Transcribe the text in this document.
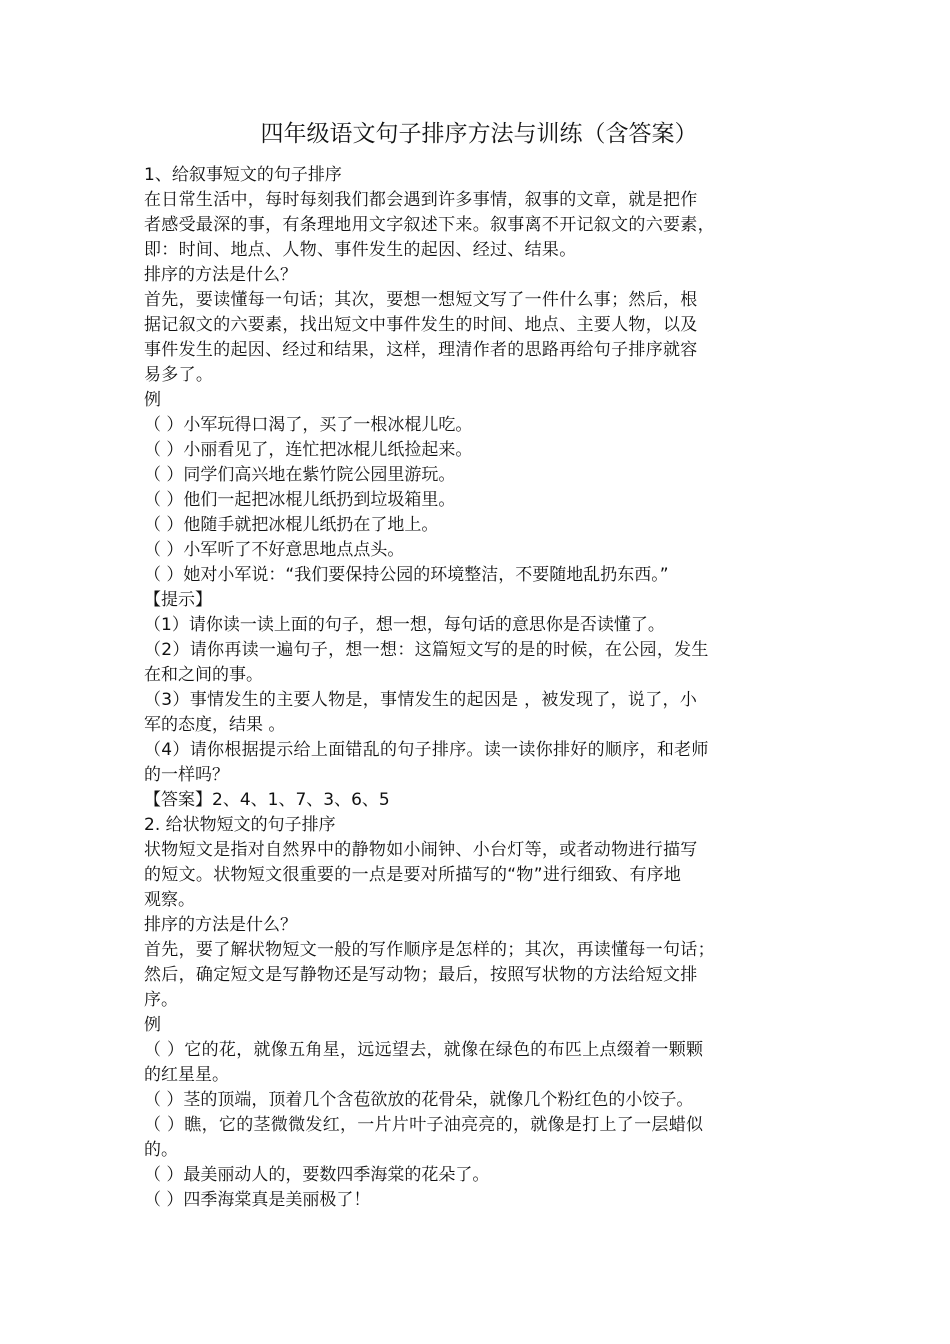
四年级语文句子排序方法与训练（含答案）
1、给叙事短文的句子排序
在日常生活中，每时每刻我们都会遇到许多事情，叙事的文章，就是把作
者感受最深的事，有条理地用文字叙述下来。叙事离不开记叙文的六要素，
即：时间、地点、人物、事件发生的起因、经过、结果。
排序的方法是什么？
首先，要读懂每一句话；其次，要想一想短文写了一件什么事；然后，根
据记叙文的六要素，找出短文中事件发生的时间、地点、主要人物，以及
事件发生的起因、经过和结果，这样，理清作者的思路再给句子排序就容
易多了。
例
（ ）小军玩得口渴了，买了一根冰棍儿吃。
（ ）小丽看见了，连忙把冰棍儿纸捡起来。
（ ）同学们高兴地在紫竹院公园里游玩。
（ ）他们一起把冰棍儿纸扔到垃圾箱里。
（ ）他随手就把冰棍儿纸扔在了地上。
（ ）小军听了不好意思地点点头。
（ ）她对小军说：“我们要保持公园的环境整洁，不要随地乱扔东西。”
【提示】
（1）请你读一读上面的句子，想一想，每句话的意思你是否读懂了。
（2）请你再读一遍句子，想一想：这篇短文写的是的时候，在公园，发生
在和之间的事。
（3）事情发生的主要人物是，事情发生的起因是 ，被发现了，说了，小
军的态度，结果 。
（4）请你根据提示给上面错乱的句子排序。读一读你排好的顺序，和老师
的一样吗？
【答案】2、4、1、7、3、6、5
2. 给状物短文的句子排序
状物短文是指对自然界中的静物如小闹钟、小台灯等，或者动物进行描写
的短文。状物短文很重要的一点是要对所描写的“物”进行细致、有序地
观察。
排序的方法是什么？
首先，要了解状物短文一般的写作顺序是怎样的；其次，再读懂每一句话；
然后，确定短文是写静物还是写动物；最后，按照写状物的方法给短文排
序。
例
（ ）它的花，就像五角星，远远望去，就像在绿色的布匹上点缀着一颗颗
的红星星。
（ ）茎的顶端，顶着几个含苞欲放的花骨朵，就像几个粉红色的小饺子。
（ ）瞧，它的茎微微发红，一片片叶子油亮亮的，就像是打上了一层蜡似
的。
（ ）最美丽动人的，要数四季海棠的花朵了。
（ ）四季海棠真是美丽极了！
